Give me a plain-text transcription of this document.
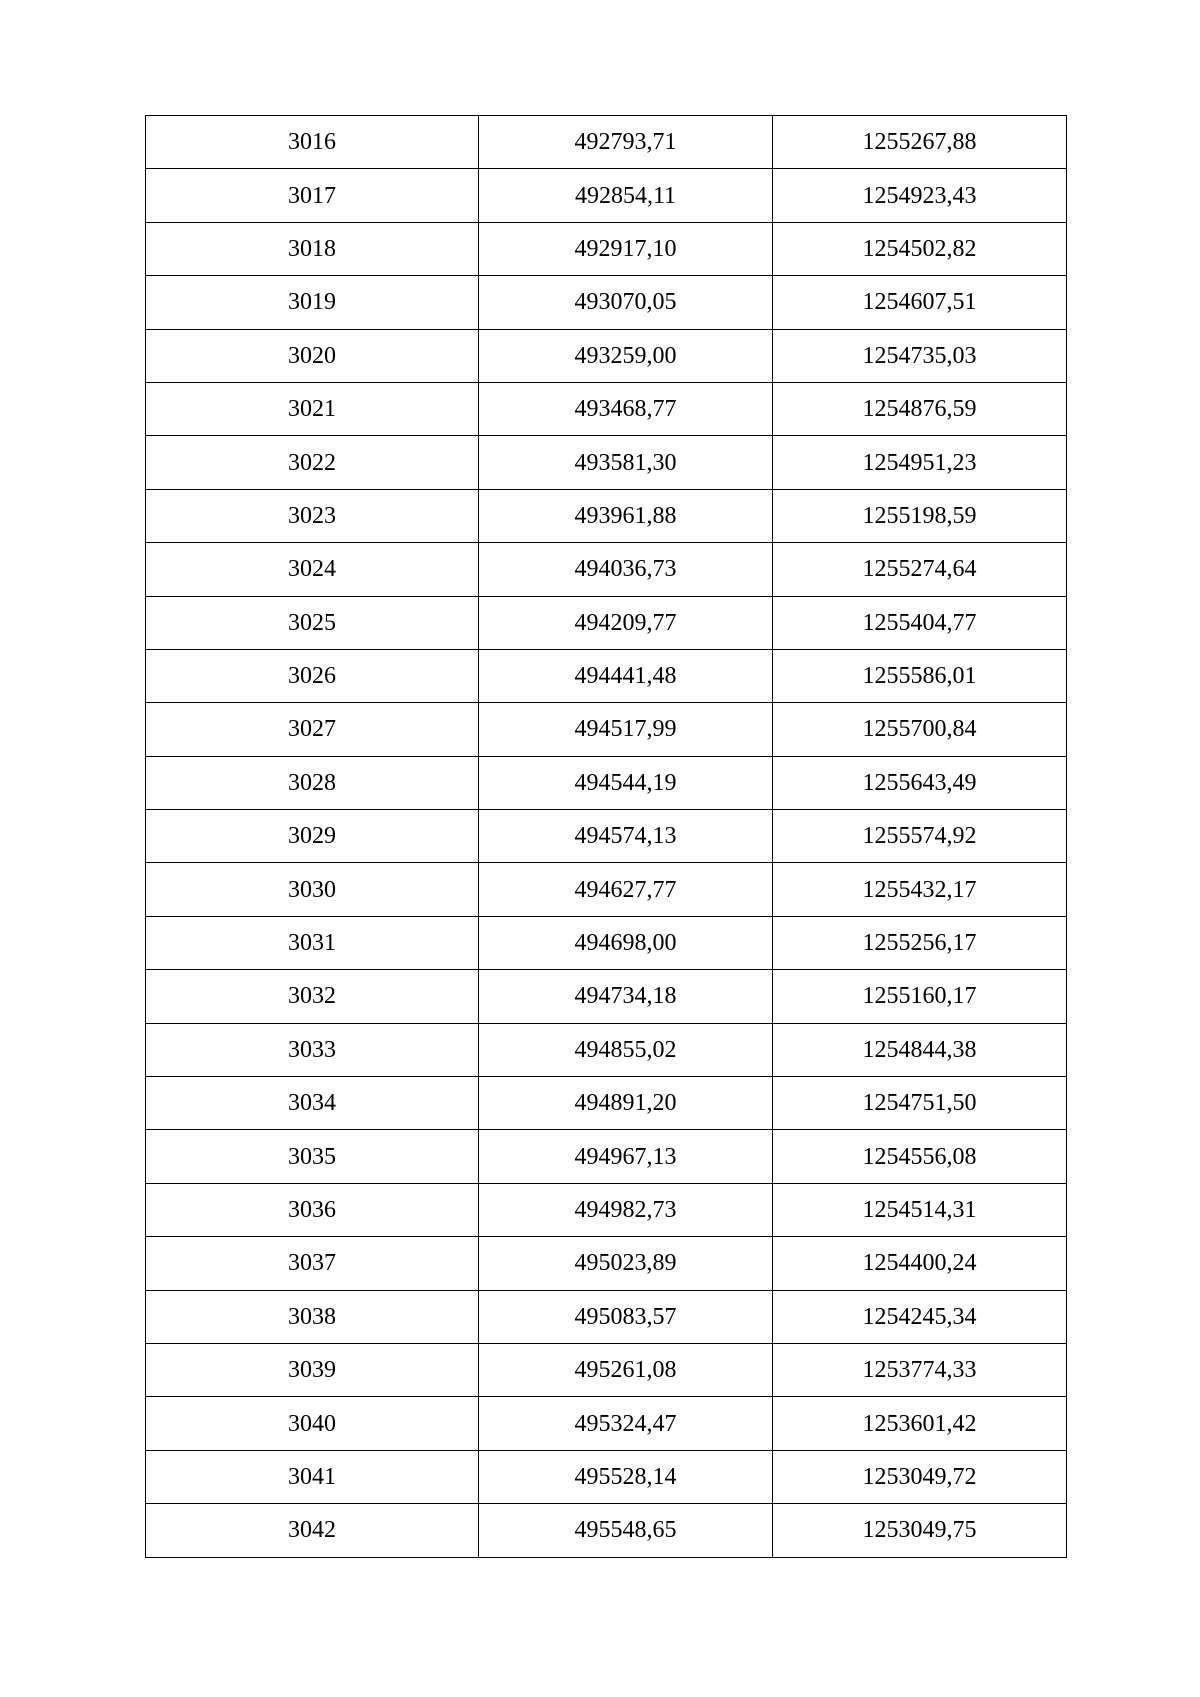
3016	492793,71	1255267,88
3017	492854,11	1254923,43
3018	492917,10	1254502,82
3019	493070,05	1254607,51
3020	493259,00	1254735,03
3021	493468,77	1254876,59
3022	493581,30	1254951,23
3023	493961,88	1255198,59
3024	494036,73	1255274,64
3025	494209,77	1255404,77
3026	494441,48	1255586,01
3027	494517,99	1255700,84
3028	494544,19	1255643,49
3029	494574,13	1255574,92
3030	494627,77	1255432,17
3031	494698,00	1255256,17
3032	494734,18	1255160,17
3033	494855,02	1254844,38
3034	494891,20	1254751,50
3035	494967,13	1254556,08
3036	494982,73	1254514,31
3037	495023,89	1254400,24
3038	495083,57	1254245,34
3039	495261,08	1253774,33
3040	495324,47	1253601,42
3041	495528,14	1253049,72
3042	495548,65	1253049,75
